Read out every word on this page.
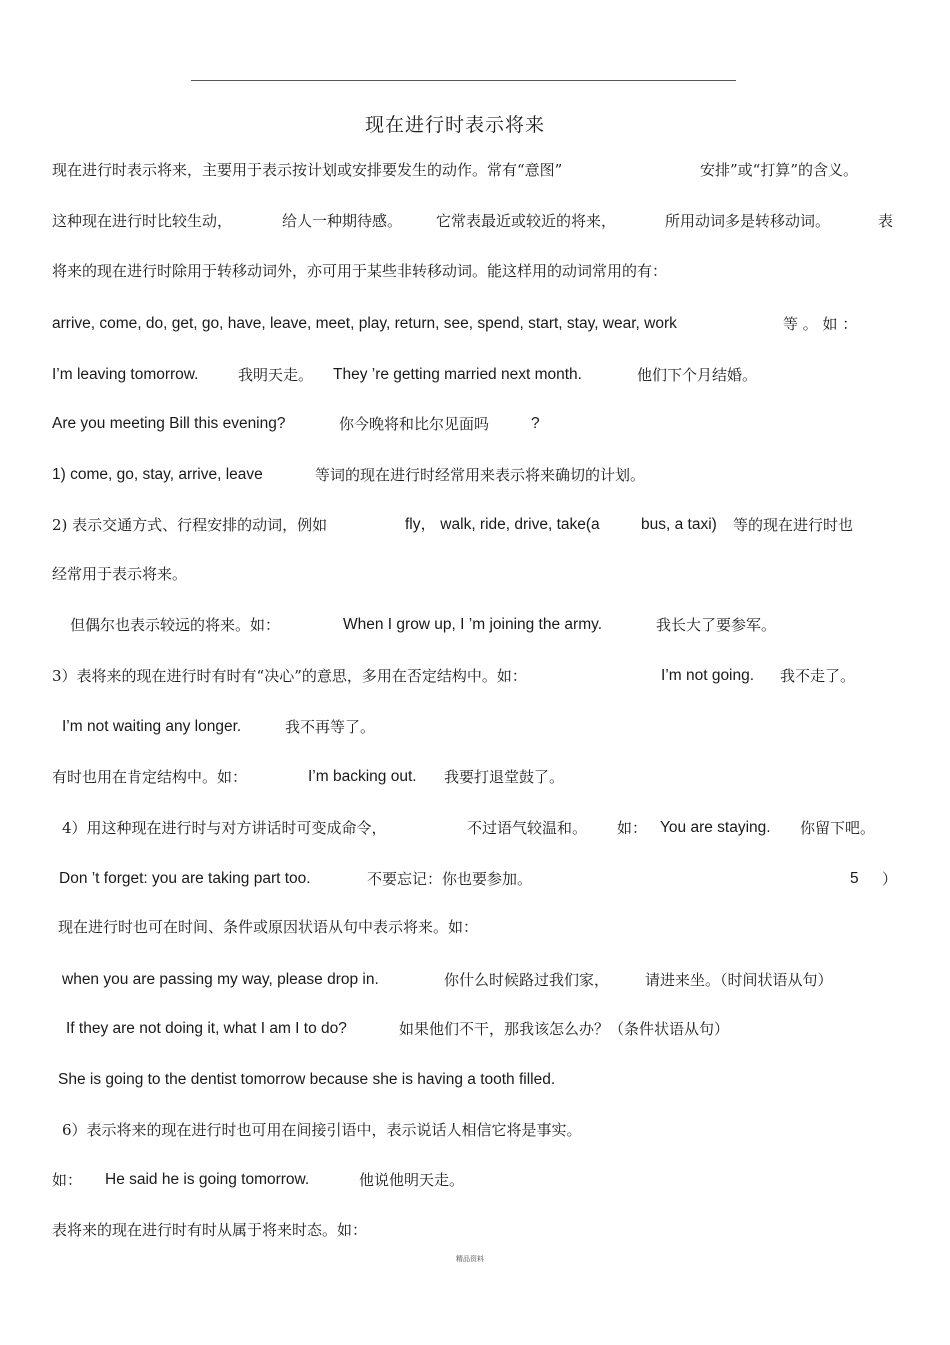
现在进行时表示将来
现在进行时表示将来，主要用于表示按计划或安排要发生的动作。常有“意图”	安排”或“打算”的含义。
这种现在进行时比较生动，	给人一种期待感。 它常表最近或较近的将来，	所用动词多是转移动词。	表
将来的现在进行时除用于转移动词外，亦可用于某些非转移动词。能这样用的动词常用的有：
arrive, come, do, get, go, have, leave, meet, play, return, see, spend, start, stay, wear, work	等 。 如 ：
I’m leaving tomorrow.	我明天走。 They ’re getting married next month.	他们下个月结婚。
Are you meeting Bill this evening?	你今晚将和比尔见面吗	?
1) come, go, stay, arrive, leave	等词的现在进行时经常用来表示将来确切的计划。
2) 表示交通方式、行程安排的动词，例如	fly， walk, ride, drive, take(a	bus, a taxi) 等的现在进行时也
经常用于表示将来。
但偶尔也表示较远的将来。如：	When I grow up, I ’m joining the army.	我长大了要参军。
3）表将来的现在进行时有时有“决心”的意思，多用在否定结构中。如：	I’m not going. 我不走了。
I’m not waiting any longer.	我不再等了。
有时也用在肯定结构中。如：	I’m backing out. 我要打退堂鼓了。
4）用这种现在进行时与对方讲话时可变成命令，	不过语气较温和。 如： You are staying. 你留下吧。
Don ’t forget: you are taking part too.	不要忘记：你也要参加。	5 ）
现在进行时也可在时间、条件或原因状语从句中表示将来。如：
when you are passing my way, please drop in.	你什么时候路过我们家， 请进来坐。（时间状语从句）
If they are not doing it, what I am I to do?	如果他们不干，那我该怎么办？（条件状语从句）
She is going to the dentist tomorrow because she is having a tooth filled.
6）表示将来的现在进行时也可用在间接引语中，表示说话人相信它将是事实。
如： He said he is going tomorrow.	他说他明天走。
表将来的现在进行时有时从属于将来时态。如：
精品资料
